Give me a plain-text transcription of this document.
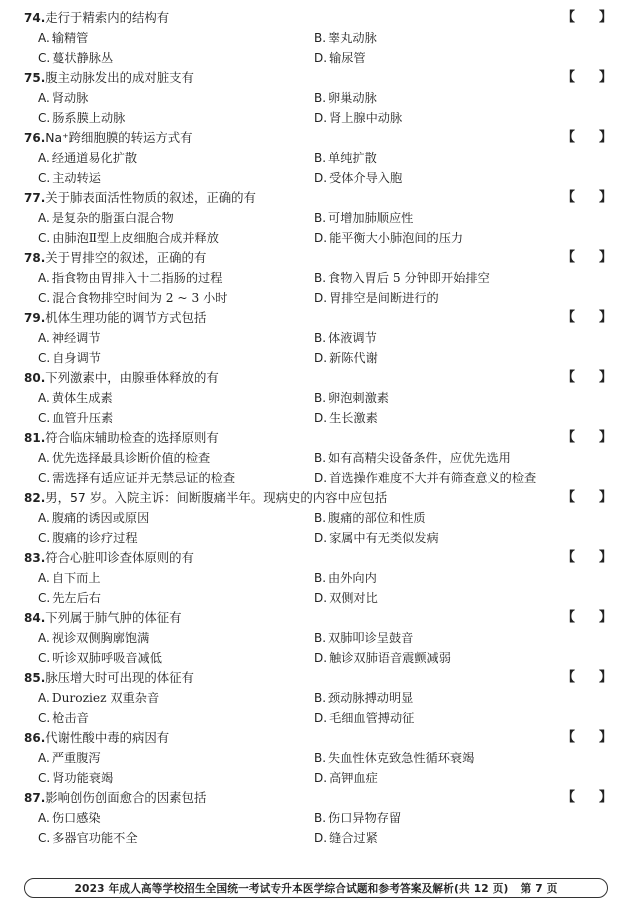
74.走行于精索内的结构有	【 】
A. 输精管	B. 睾丸动脉
C. 蔓状静脉丛	D. 输尿管
75.腹主动脉发出的成对脏支有	【 】
A. 肾动脉	B. 卵巢动脉
C. 肠系膜上动脉	D. 肾上腺中动脉
76.Na⁺跨细胞膜的转运方式有	【 】
A. 经通道易化扩散	B. 单纯扩散
C. 主动转运	D. 受体介导入胞
77.关于肺表面活性物质的叙述，正确的有	【 】
A. 是复杂的脂蛋白混合物	B. 可增加肺顺应性
C. 由肺泡Ⅱ型上皮细胞合成并释放	D. 能平衡大小肺泡间的压力
78.关于胃排空的叙述，正确的有	【 】
A. 指食物由胃排入十二指肠的过程	B. 食物入胃后 5 分钟即开始排空
C. 混合食物排空时间为 2 ~ 3 小时	D. 胃排空是间断进行的
79.机体生理功能的调节方式包括	【 】
A. 神经调节	B. 体液调节
C. 自身调节	D. 新陈代谢
80.下列激素中，由腺垂体释放的有	【 】
A. 黄体生成素	B. 卵泡刺激素
C. 血管升压素	D. 生长激素
81.符合临床辅助检查的选择原则有	【 】
A. 优先选择最具诊断价值的检查	B. 如有高精尖设备条件，应优先选用
C. 需选择有适应证并无禁忌证的检查	D. 首选操作难度不大并有筛查意义的检查
82.男，57 岁。入院主诉：间断腹痛半年。现病史的内容中应包括	【 】
A. 腹痛的诱因或原因	B. 腹痛的部位和性质
C. 腹痛的诊疗过程	D. 家属中有无类似发病
83.符合心脏叩诊查体原则的有	【 】
A. 自下而上	B. 由外向内
C. 先左后右	D. 双侧对比
84.下列属于肺气肿的体征有	【 】
A. 视诊双侧胸廓饱满	B. 双肺叩诊呈鼓音
C. 听诊双肺呼吸音减低	D. 触诊双肺语音震颤减弱
85.脉压增大时可出现的体征有	【 】
A. Duroziez 双重杂音	B. 颈动脉搏动明显
C. 枪击音	D. 毛细血管搏动征
86.代谢性酸中毒的病因有	【 】
A. 严重腹泻	B. 失血性休克致急性循环衰竭
C. 肾功能衰竭	D. 高钾血症
87.影响创伤创面愈合的因素包括	【 】
A. 伤口感染	B. 伤口异物存留
C. 多器官功能不全	D. 缝合过紧
2023 年成人高等学校招生全国统一考试专升本医学综合试题和参考答案及解析(共 12 页) 第 7 页
